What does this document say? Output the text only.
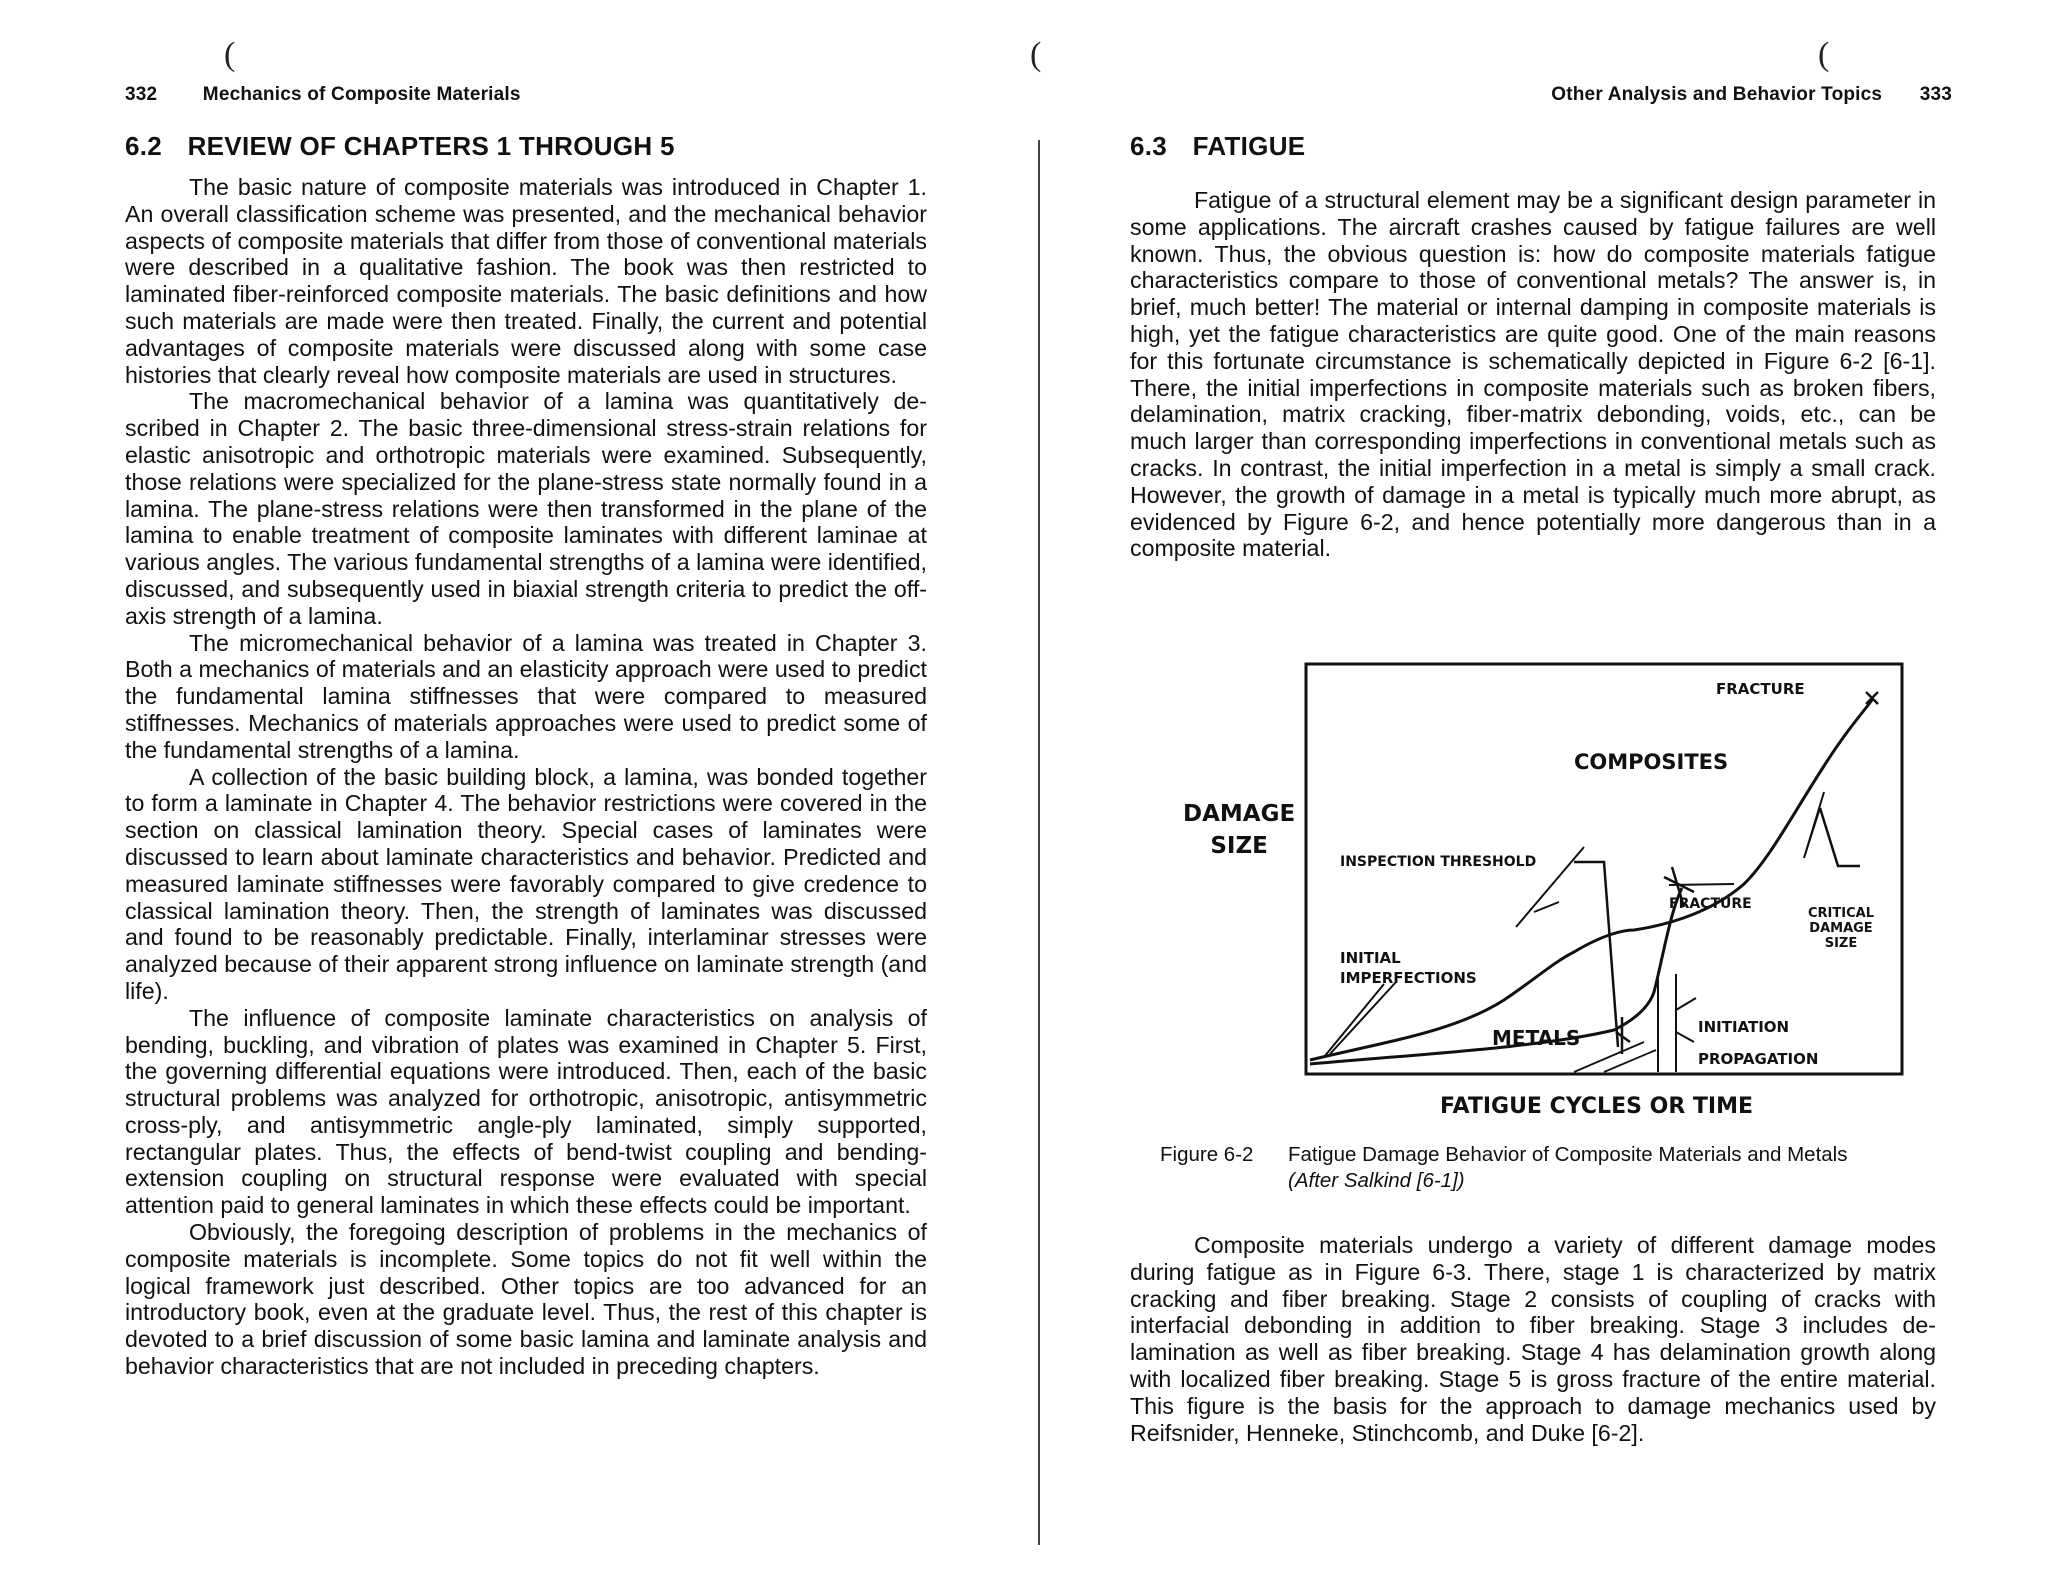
(
332 Mechanics of Composite Materials
6.2 REVIEW OF CHAPTERS 1 THROUGH 5

The basic nature of composite materials was introduced in Chapter 1. An overall classification scheme was presented, and the mechanical behavior aspects of composite materials that differ from those of conventional materials were described in a qualitative fashion. The book was then restricted to laminated fiber-reinforced composite materials. The basic definitions and how such materials are made were then treated. Finally, the current and potential advantages of composite materials were discussed along with some case histories that clearly reveal how composite materials are used in structures.

The macromechanical behavior of a lamina was quantitatively described in Chapter 2. The basic three-dimensional stress-strain relations for elastic anisotropic and orthotropic materials were examined. Subsequently, those relations were specialized for the plane-stress state normally found in a lamina. The plane-stress relations were then transformed in the plane of the lamina to enable treatment of composite laminates with different laminae at various angles. The various fundamental strengths of a lamina were identified, discussed, and subsequently used in biaxial strength criteria to predict the off-axis strength of a lamina.

The micromechanical behavior of a lamina was treated in Chapter 3. Both a mechanics of materials and an elasticity approach were used to predict the fundamental lamina stiffnesses that were compared to measured stiffnesses. Mechanics of materials approaches were used to predict some of the fundamental strengths of a lamina.

A collection of the basic building block, a lamina, was bonded together to form a laminate in Chapter 4. The behavior restrictions were covered in the section on classical lamination theory. Special cases of laminates were discussed to learn about laminate characteristics and behavior. Predicted and measured laminate stiffnesses were favorably compared to give credence to classical lamination theory. Then, the strength of laminates was discussed and found to be reasonably predictable. Finally, interlaminar stresses were analyzed because of their apparent strong influence on laminate strength (and life).

The influence of composite laminate characteristics on analysis of bending, buckling, and vibration of plates was examined in Chapter 5. First, the governing differential equations were introduced. Then, each of the basic structural problems was analyzed for orthotropic, anisotropic, antisymmetric cross-ply, and antisymmetric angle-ply laminated, simply supported, rectangular plates. Thus, the effects of bend-twist coupling and bending-extension coupling on structural response were evaluated with special attention paid to general laminates in which these effects could be important.

Obviously, the foregoing description of problems in the mechanics of composite materials is incomplete. Some topics do not fit well within the logical framework just described. Other topics are too advanced for an introductory book, even at the graduate level. Thus, the rest of this chapter is devoted to a brief discussion of some basic lamina and laminate analysis and behavior characteristics that are not included in preceding chapters.

(	(
Other Analysis and Behavior Topics 333
6.3 FATIGUE

Fatigue of a structural element may be a significant design parameter in some applications. The aircraft crashes caused by fatigue failures are well known. Thus, the obvious question is: how do composite materials fatigue characteristics compare to those of conventional metals? The answer is, in brief, much better! The material or internal damping in composite materials is high, yet the fatigue characteristics are quite good. One of the main reasons for this fortunate circumstance is schematically depicted in Figure 6-2 [6-1]. There, the initial imperfections in composite materials such as broken fibers, delamination, matrix cracking, fiber-matrix debonding, voids, etc., can be much larger than corresponding imperfections in conventional metals such as cracks. In contrast, the initial imperfection in a metal is simply a small crack. However, the growth of damage in a metal is typically much more abrupt, as evidenced by Figure 6-2, and hence potentially more dangerous than in a composite material.

DAMAGE
SIZE
FRACTURE
COMPOSITES
INSPECTION THRESHOLD
FRACTURE
CRITICAL
DAMAGE
SIZE
INITIAL
IMPERFECTIONS
METALS	INITIATION
PROPAGATION
FATIGUE CYCLES OR TIME
Figure 6-2 Fatigue Damage Behavior of Composite Materials and Metals
(After Salkind [6-1])

Composite materials undergo a variety of different damage modes during fatigue as in Figure 6-3. There, stage 1 is characterized by matrix cracking and fiber breaking. Stage 2 consists of coupling of cracks with interfacial debonding in addition to fiber breaking. Stage 3 includes delamination as well as fiber breaking. Stage 4 has delamination growth along with localized fiber breaking. Stage 5 is gross fracture of the entire material. This figure is the basis for the approach to damage mechanics used by Reifsnider, Henneke, Stinchcomb, and Duke [6-2].
